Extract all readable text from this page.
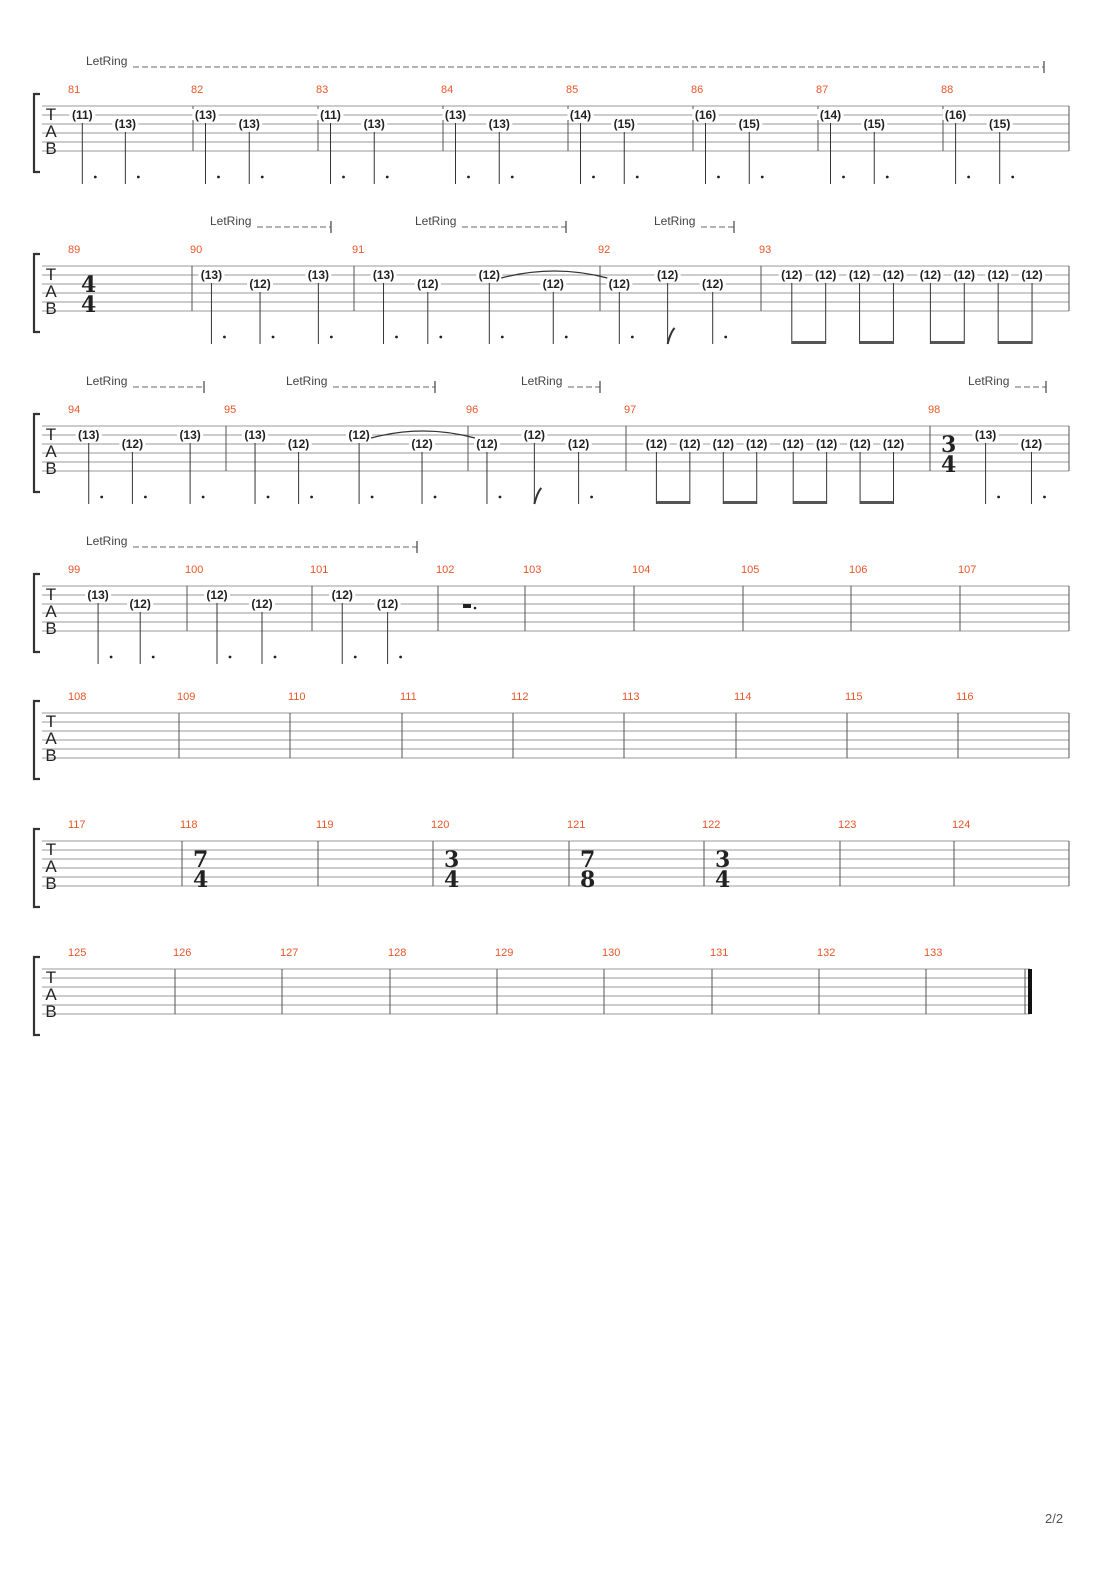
T
A
B
LetRing
81
(11)
(13)
82
(13)
(13)
83
(11)
(13)
84
(13)
(13)
85
(14)
(15)
86
(16)
(15)
87
(14)
(15)
88
(16)
(15)
T
A
B
LetRing	LetRing	LetRing
89
4
4
90
(13)
(12)
(13)
91
(13)
(12)
(12)
(12)
92
(12)
(12)
(12)
93
(12) (12) (12) (12) (12) (12) (12) (12)
T
A
B
LetRing	LetRing	LetRing	LetRing
94
(13)
(12)
(13)
95
(13)
(12)
(12)
(12)
96
(12)
(12)
(12)
97
(12) (12) (12) (12) (12) (12) (12) (12)
98
3
4
(13)
(12)
T
A
B
LetRing
99
(13)
(12)
100
(12)
(12)
101
(12)
(12)
102	103	104	105	106	107
T
A
B
108	109	110	111	112	113	114	115	116
T
A
B
117	118
7
4
119	120
3
4
121
7
8
122
3
4
123	124
T
A
B
125	126	127	128	129	130	131	132	133
2/2
